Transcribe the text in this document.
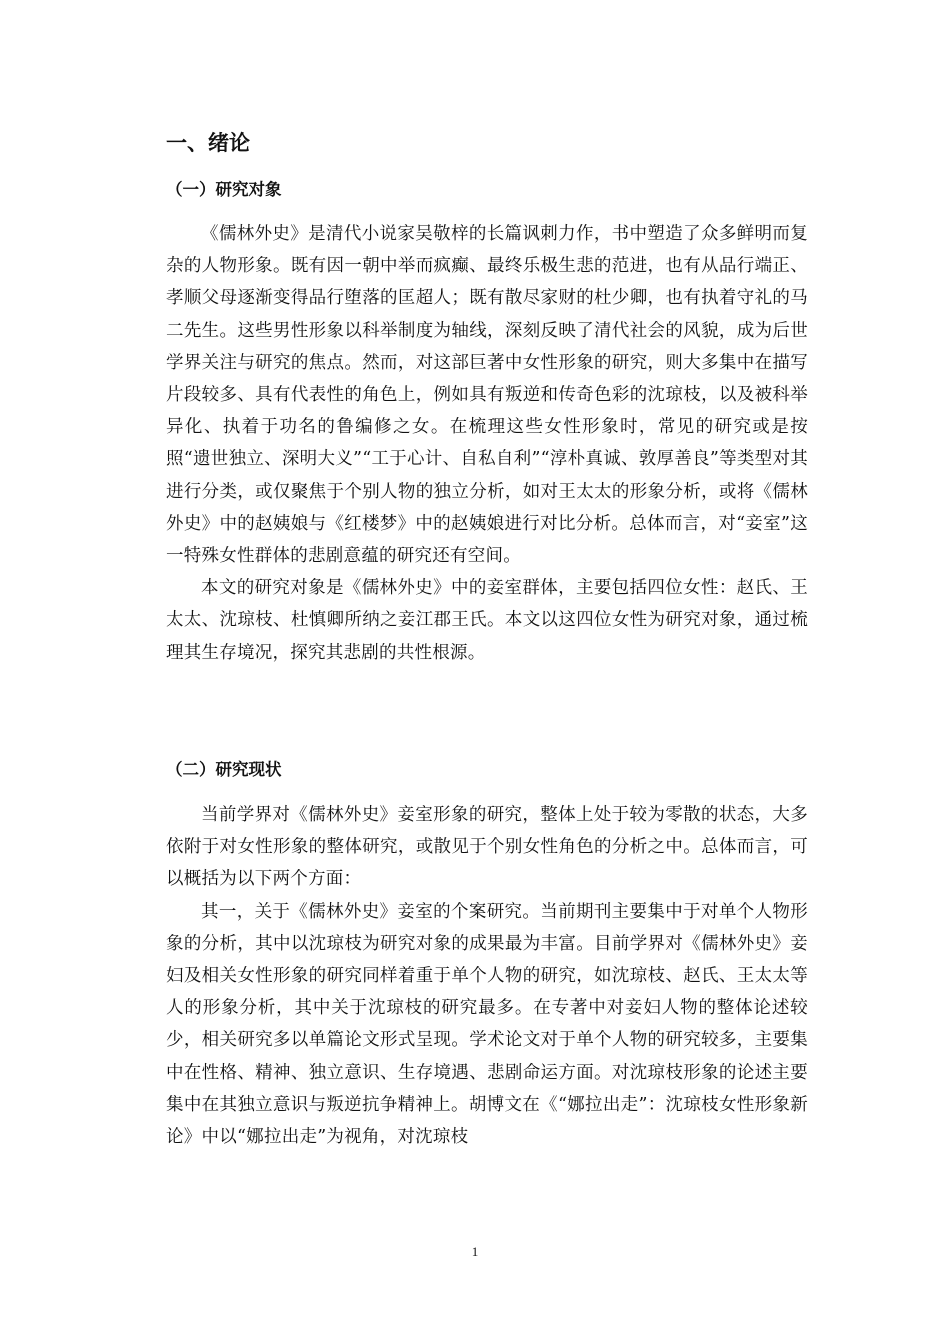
一、绪论
（一）研究对象

《儒林外史》是清代小说家吴敬梓的长篇讽刺力作，书中塑造了众多鲜明而复杂的人物形象。既有因一朝中举而疯癫、最终乐极生悲的范进，也有从品行端正、孝顺父母逐渐变得品行堕落的匡超人；既有散尽家财的杜少卿，也有执着守礼的马二先生。这些男性形象以科举制度为轴线，深刻反映了清代社会的风貌，成为后世学界关注与研究的焦点。然而，对这部巨著中女性形象的研究，则大多集中在描写片段较多、具有代表性的角色上，例如具有叛逆和传奇色彩的沈琼枝，以及被科举异化、执着于功名的鲁编修之女。在梳理这些女性形象时，常见的研究或是按照“遗世独立、深明大义”“工于心计、自私自利”“淳朴真诚、敦厚善良”等类型对其进行分类，或仅聚焦于个别人物的独立分析，如对王太太的形象分析，或将《儒林外史》中的赵姨娘与《红楼梦》中的赵姨娘进行对比分析。总体而言，对“妾室”这一特殊女性群体的悲剧意蕴的研究还有空间。

本文的研究对象是《儒林外史》中的妾室群体，主要包括四位女性：赵氏、王太太、沈琼枝、杜慎卿所纳之妾江郡王氏。本文以这四位女性为研究对象，通过梳理其生存境况，探究其悲剧的共性根源。

（二）研究现状

当前学界对《儒林外史》妾室形象的研究，整体上处于较为零散的状态，大多依附于对女性形象的整体研究，或散见于个别女性角色的分析之中。总体而言，可以概括为以下两个方面：

其一，关于《儒林外史》妾室的个案研究。当前期刊主要集中于对单个人物形象的分析，其中以沈琼枝为研究对象的成果最为丰富。目前学界对《儒林外史》妾妇及相关女性形象的研究同样着重于单个人物的研究，如沈琼枝、赵氏、王太太等人的形象分析，其中关于沈琼枝的研究最多。在专著中对妾妇人物的整体论述较少，相关研究多以单篇论文形式呈现。学术论文对于单个人物的研究较多，主要集中在性格、精神、独立意识、生存境遇、悲剧命运方面。对沈琼枝形象的论述主要集中在其独立意识与叛逆抗争精神上。胡博文在《“娜拉出走”：沈琼枝女性形象新论》中以“娜拉出走”为视角，对沈琼枝

1
